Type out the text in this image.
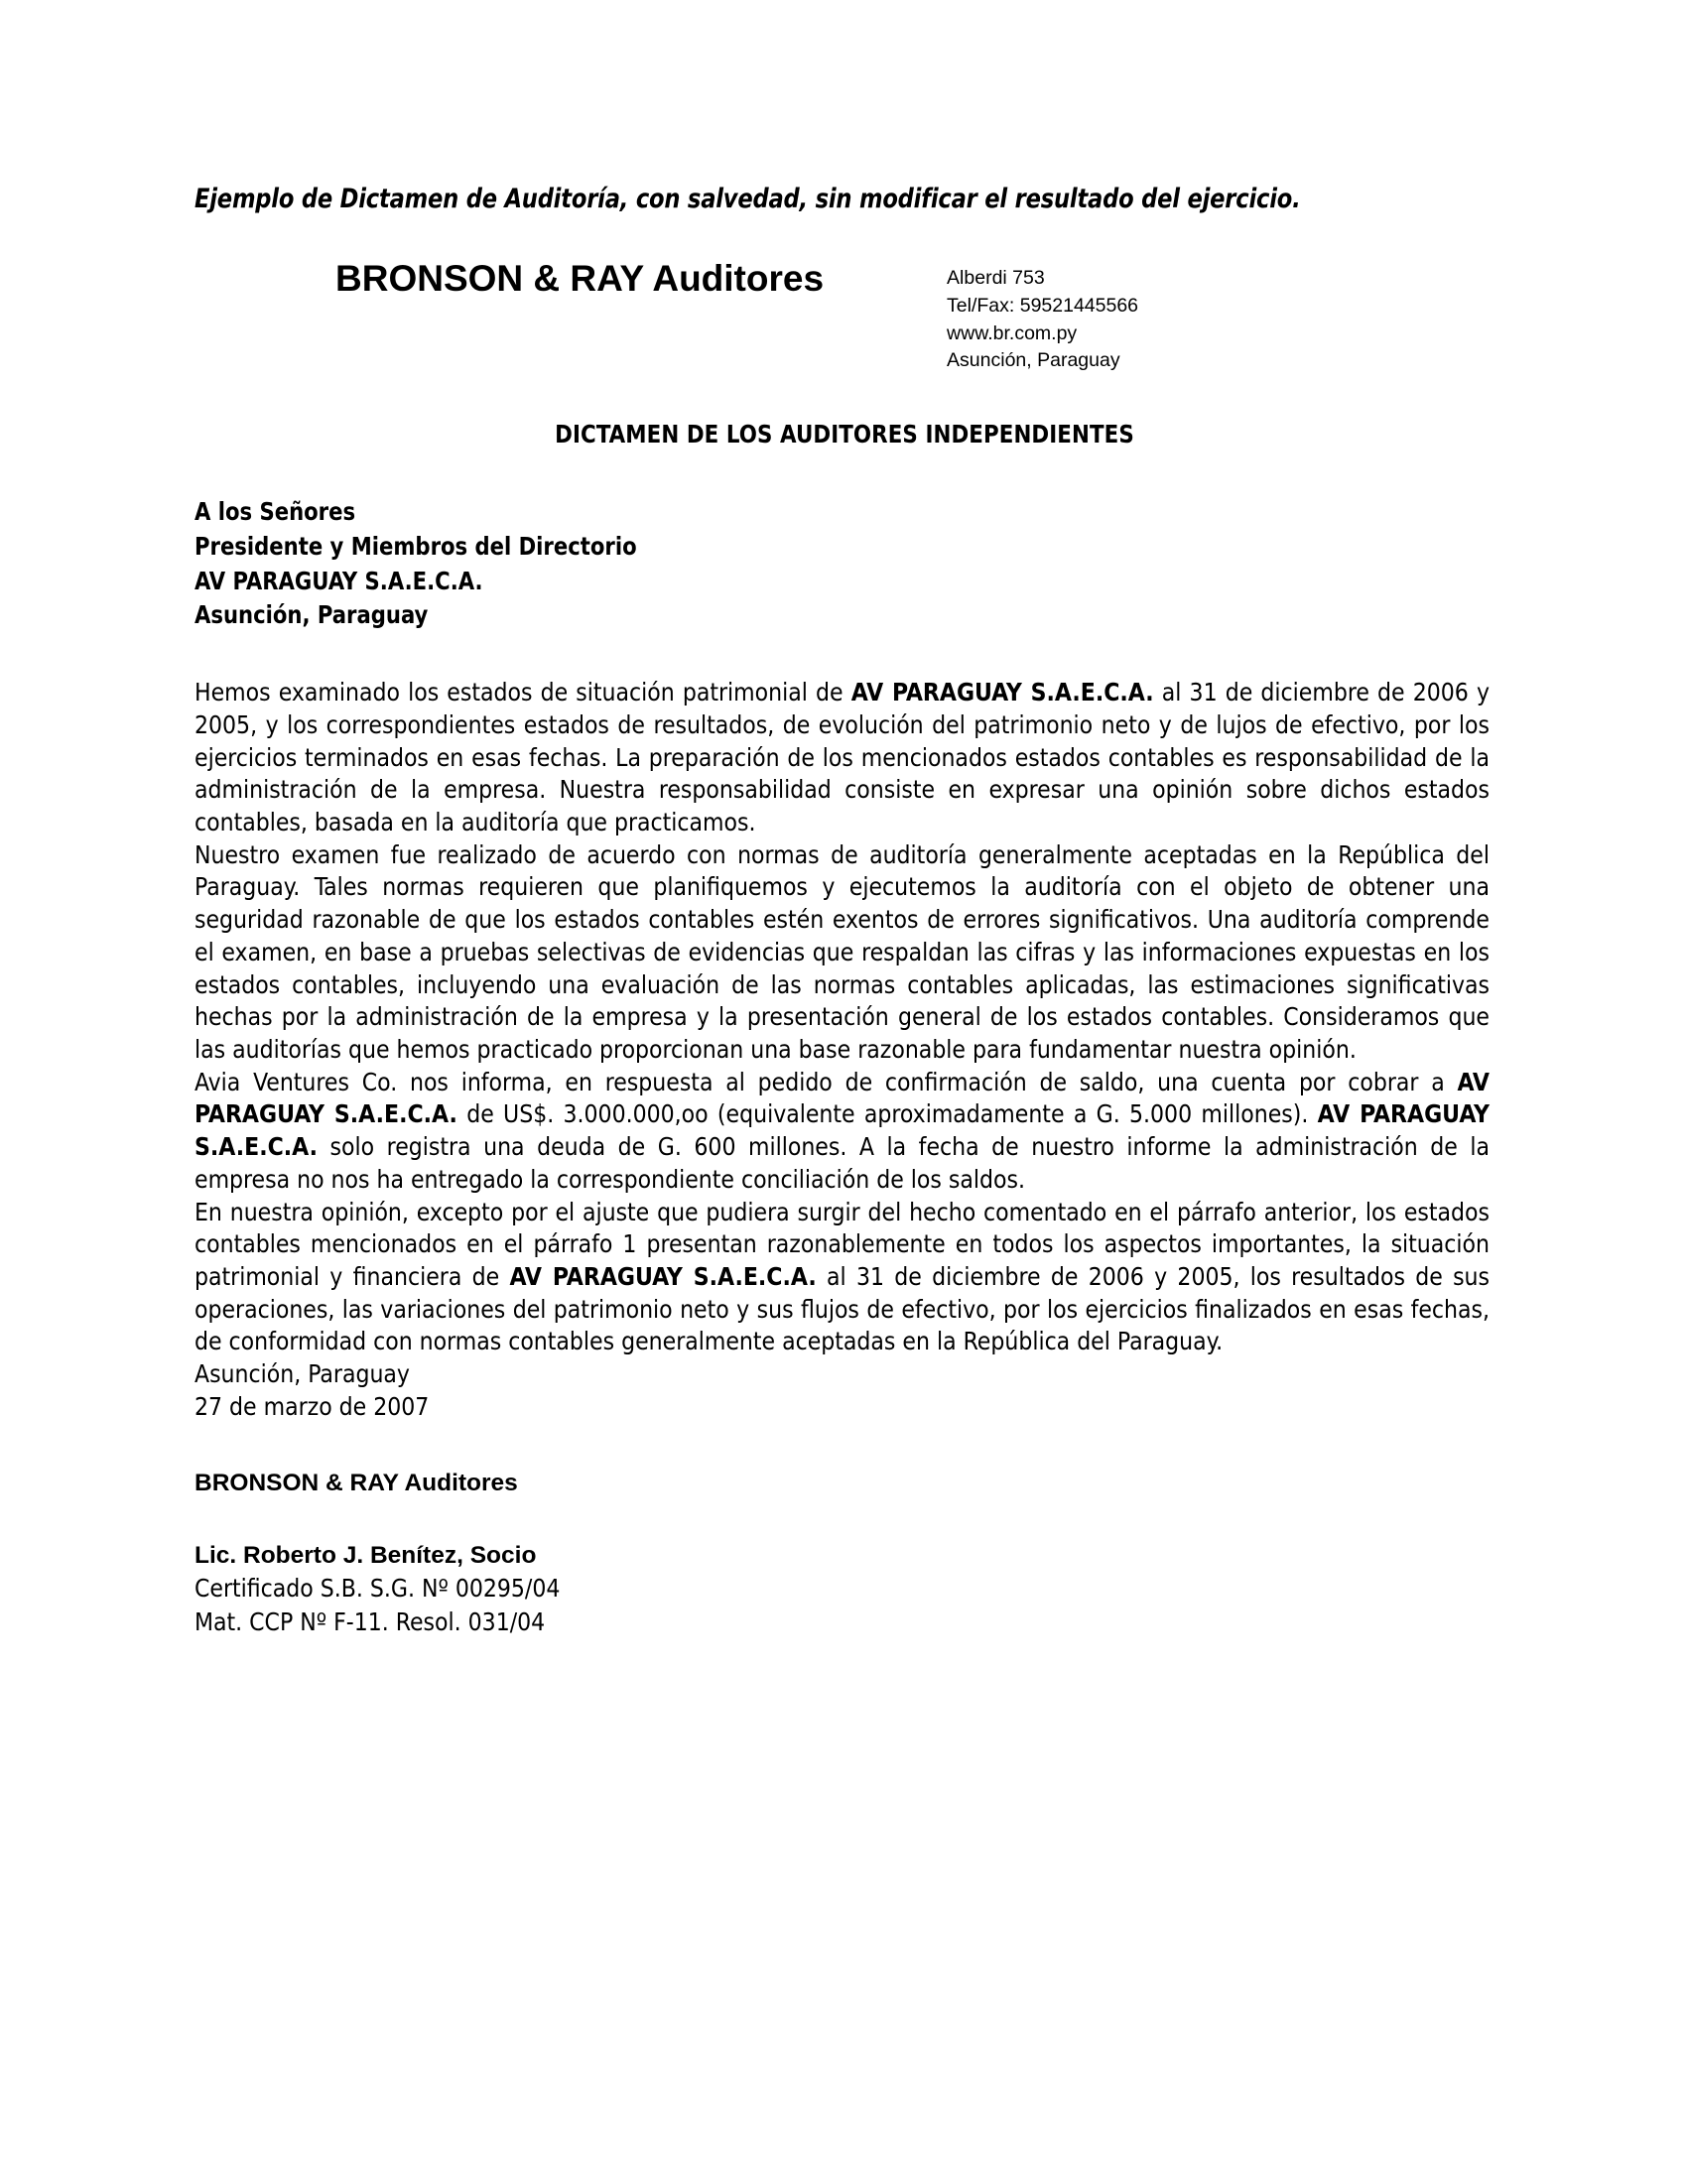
Ejemplo de Dictamen de Auditoría, con salvedad, sin modificar el resultado del ejercicio.
BRONSON & RAY Auditores	Alberdi 753
Tel/Fax: 59521445566
www.br.com.py
Asunción, Paraguay
DICTAMEN DE LOS AUDITORES INDEPENDIENTES
A los Señores
Presidente y Miembros del Directorio
AV PARAGUAY S.A.E.C.A.
Asunción, Paraguay

Hemos examinado los estados de situación patrimonial de AV PARAGUAY S.A.E.C.A. al 31 de diciembre de 2006 y 2005, y los correspondientes estados de resultados, de evolución del patrimonio neto y de lujos de efectivo, por los ejercicios terminados en esas fechas. La preparación de los mencionados estados contables es responsabilidad de la administración de la empresa. Nuestra responsabilidad consiste en expresar una opinión sobre dichos estados contables, basada en la auditoría que practicamos.

Nuestro examen fue realizado de acuerdo con normas de auditoría generalmente aceptadas en la República del Paraguay. Tales normas requieren que planifiquemos y ejecutemos la auditoría con el objeto de obtener una seguridad razonable de que los estados contables estén exentos de errores significativos. Una auditoría comprende el examen, en base a pruebas selectivas de evidencias que respaldan las cifras y las informaciones expuestas en los estados contables, incluyendo una evaluación de las normas contables aplicadas, las estimaciones significativas hechas por la administración de la empresa y la presentación general de los estados contables. Consideramos que las auditorías que hemos practicado proporcionan una base razonable para fundamentar nuestra opinión.

Avia Ventures Co. nos informa, en respuesta al pedido de confirmación de saldo, una cuenta por cobrar a AV PARAGUAY S.A.E.C.A. de US$. 3.000.000,oo (equivalente aproximadamente a G. 5.000 millones). AV PARAGUAY S.A.E.C.A. solo registra una deuda de G. 600 millones. A la fecha de nuestro informe la administración de la empresa no nos ha entregado la correspondiente conciliación de los saldos.

En nuestra opinión, excepto por el ajuste que pudiera surgir del hecho comentado en el párrafo anterior, los estados contables mencionados en el párrafo 1 presentan razonablemente en todos los aspectos importantes, la situación patrimonial y financiera de AV PARAGUAY S.A.E.C.A. al 31 de diciembre de 2006 y 2005, los resultados de sus operaciones, las variaciones del patrimonio neto y sus flujos de efectivo, por los ejercicios finalizados en esas fechas, de conformidad con normas contables generalmente aceptadas en la República del Paraguay.

Asunción, Paraguay
27 de marzo de 2007
BRONSON & RAY Auditores
Lic. Roberto J. Benítez, Socio
Certificado S.B. S.G. Nº 00295/04
Mat. CCP Nº F-11. Resol. 031/04
